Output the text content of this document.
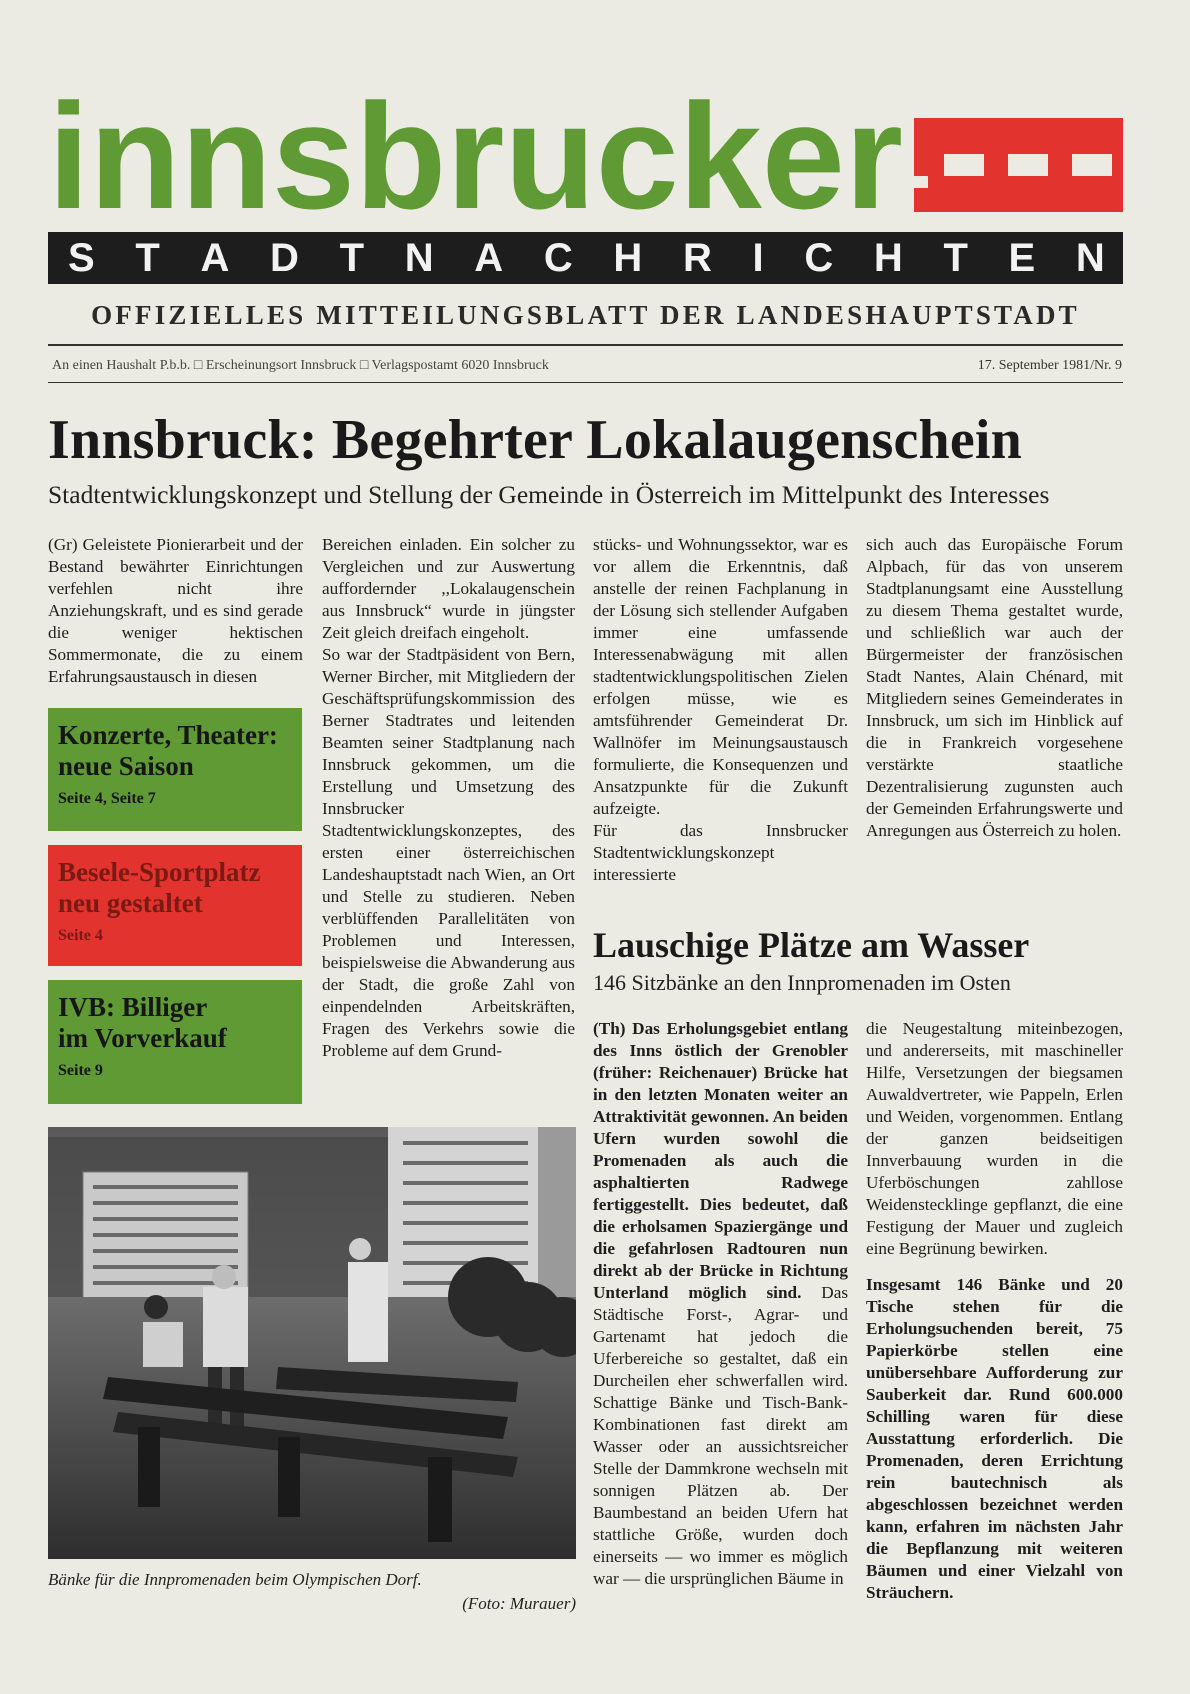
innsbrucker
S T A D T N A C H R I C H T E N
OFFIZIELLES MITTEILUNGSBLATT DER LANDESHAUPTSTADT
An einen Haushalt P.b.b. □ Erscheinungsort Innsbruck □ Verlagspostamt 6020 Innsbruck	17. September 1981/Nr. 9
Innsbruck: Begehrter Lokalaugenschein
Stadtentwicklungskonzept und Stellung der Gemeinde in Österreich im Mittelpunkt des Interesses

(Gr) Geleistete Pionierarbeit und der Bestand bewährter Einrichtungen verfehlen nicht ihre Anziehungskraft, und es sind gerade die weniger hektischen Sommermonate, die zu einem Erfahrungsaustausch in diesen

Konzerte, Theater:
neue Saison
Seite 4, Seite 7
Besele-Sportplatz
neu gestaltet
Seite 4
IVB: Billiger
im Vorverkauf
Seite 9

Bereichen einladen. Ein solcher zu Vergleichen und zur Auswertung auffordernder ,,Lokalaugenschein aus Innsbruck“ wurde in jüngster Zeit gleich dreifach eingeholt.

So war der Stadtpäsident von Bern, Werner Bircher, mit Mitgliedern der Geschäftsprüfungskommission des Berner Stadtrates und leitenden Beamten seiner Stadtplanung nach Innsbruck gekommen, um die Erstellung und Umsetzung des Innsbrucker Stadtentwicklungskonzeptes, des ersten einer österreichischen Landeshauptstadt nach Wien, an Ort und Stelle zu studieren. Neben verblüffenden Parallelitäten von Problemen und Interessen, beispielsweise die Abwanderung aus der Stadt, die große Zahl von einpendelnden Arbeitskräften, Fragen des Verkehrs sowie die Probleme auf dem Grund-

stücks- und Wohnungssektor, war es vor allem die Erkenntnis, daß anstelle der reinen Fachplanung in der Lösung sich stellender Aufgaben immer eine umfassende Interessenabwägung mit allen stadtentwicklungspolitischen Zielen erfolgen müsse, wie es amtsführender Gemeinderat Dr. Wallnöfer im Meinungsaustausch formulierte, die Konsequenzen und Ansatzpunkte für die Zukunft aufzeigte.

Für das Innsbrucker Stadtentwicklungskonzept interessierte

sich auch das Europäische Forum Alpbach, für das von unserem Stadtplanungsamt eine Ausstellung zu diesem Thema gestaltet wurde, und schließlich war auch der Bürgermeister der französischen Stadt Nantes, Alain Chénard, mit Mitgliedern seines Gemeinderates in Innsbruck, um sich im Hinblick auf die in Frankreich vorgesehene verstärkte staatliche Dezentralisierung zugunsten auch der Gemeinden Erfahrungswerte und Anregungen aus Österreich zu holen.

Bänke für die Innpromenaden beim Olympischen Dorf.
(Foto: Murauer)
Lauschige Plätze am Wasser
146 Sitzbänke an den Innpromenaden im Osten

(Th) Das Erholungsgebiet entlang des Inns östlich der Grenobler (früher: Reichenauer) Brücke hat in den letzten Monaten weiter an Attraktivität gewonnen. An beiden Ufern wurden sowohl die Promenaden als auch die asphaltierten Radwege fertiggestellt. Dies bedeutet, daß die erholsamen Spaziergänge und die gefahrlosen Radtouren nun direkt ab der Brücke in Richtung Unterland möglich sind. Das Städtische Forst-, Agrar- und Gartenamt hat jedoch die Uferbereiche so gestaltet, daß ein Durcheilen eher schwerfallen wird. Schattige Bänke und Tisch-Bank-Kombinationen fast direkt am Wasser oder an aussichtsreicher Stelle der Dammkrone wechseln mit sonnigen Plätzen ab. Der Baumbestand an beiden Ufern hat stattliche Größe, wurden doch einerseits — wo immer es möglich war — die ursprünglichen Bäume in

die Neugestaltung miteinbezogen, und andererseits, mit maschineller Hilfe, Versetzungen der biegsamen Auwaldvertreter, wie Pappeln, Erlen und Weiden, vorgenommen. Entlang der ganzen beidseitigen Innverbauung wurden in die Uferböschungen zahllose Weidenstecklinge gepflanzt, die eine Festigung der Mauer und zugleich eine Begrünung bewirken.

Insgesamt 146 Bänke und 20 Tische stehen für die Erholungsuchenden bereit, 75 Papierkörbe stellen eine unübersehbare Aufforderung zur Sauberkeit dar. Rund 600.000 Schilling waren für diese Ausstattung erforderlich. Die Promenaden, deren Errichtung rein bautechnisch als abgeschlossen bezeichnet werden kann, erfahren im nächsten Jahr die Bepflanzung mit weiteren Bäumen und einer Vielzahl von Sträuchern.
